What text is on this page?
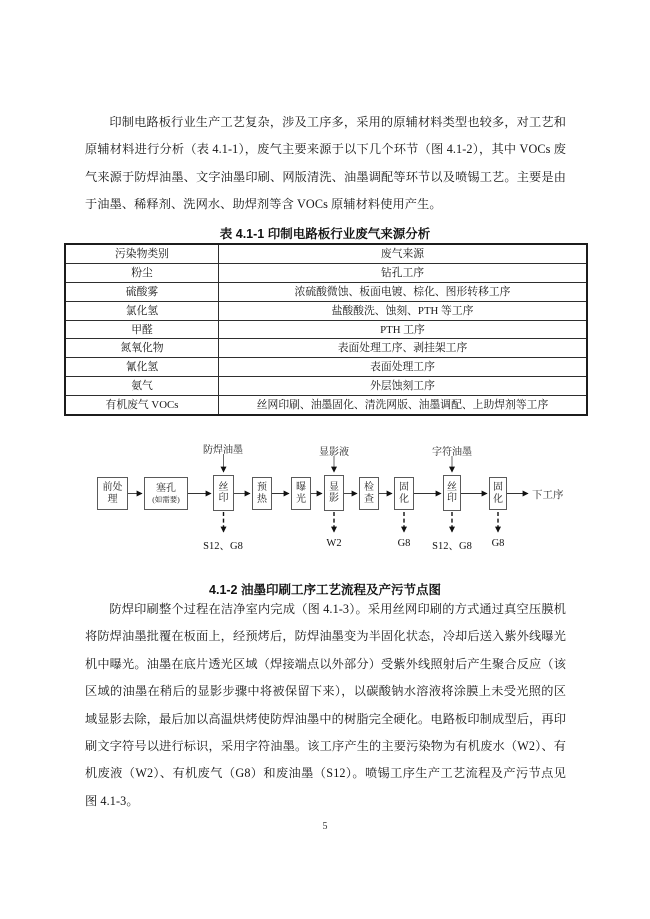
印制电路板行业生产工艺复杂，涉及工序多，采用的原辅材料类型也较多，对工艺和原辅材料进行分析（表 4.1-1），废气主要来源于以下几个环节（图 4.1-2），其中 VOCs 废气来源于防焊油墨、文字油墨印刷、网版清洗、油墨调配等环节以及喷锡工艺。主要是由于油墨、稀释剂、洗网水、助焊剂等含 VOCs 原辅材料使用产生。
表 4.1-1 印制电路板行业废气来源分析
污染物类别	废气来源
粉尘	钻孔工序
硫酸雾	浓硫酸微蚀、板面电镀、棕化、图形转移工序
氯化氢	盐酸酸洗、蚀刻、PTH 等工序
甲醛	PTH 工序
氮氧化物	表面处理工序、剥挂架工序
氰化氢	表面处理工序
氨气	外层蚀刻工序
有机废气 VOCs	丝网印刷、油墨固化、清洗网版、油墨调配、上助焊剂等工序
前处理
塞孔
(如需要)
丝印
预热
曝光
显影
检查
固化
丝印
固化
防焊油墨	显影液	字符油墨
S12、G8	W2	G8	S12、G8	G8
下工序
4.1-2 油墨印刷工序工艺流程及产污节点图
防焊印刷整个过程在洁净室内完成（图 4.1-3）。采用丝网印刷的方式通过真空压膜机将防焊油墨批覆在板面上，经预烤后，防焊油墨变为半固化状态，冷却后送入紫外线曝光机中曝光。油墨在底片透光区域（焊接端点以外部分）受紫外线照射后产生聚合反应（该区域的油墨在稍后的显影步骤中将被保留下来），以碳酸钠水溶液将涂膜上未受光照的区域显影去除，最后加以高温烘烤使防焊油墨中的树脂完全硬化。电路板印制成型后，再印刷文字符号以进行标识，采用字符油墨。该工序产生的主要污染物为有机废水（W2）、有机废液（W2）、有机废气（G8）和废油墨（S12）。喷锡工序生产工艺流程及产污节点见图 4.1-3。
5
